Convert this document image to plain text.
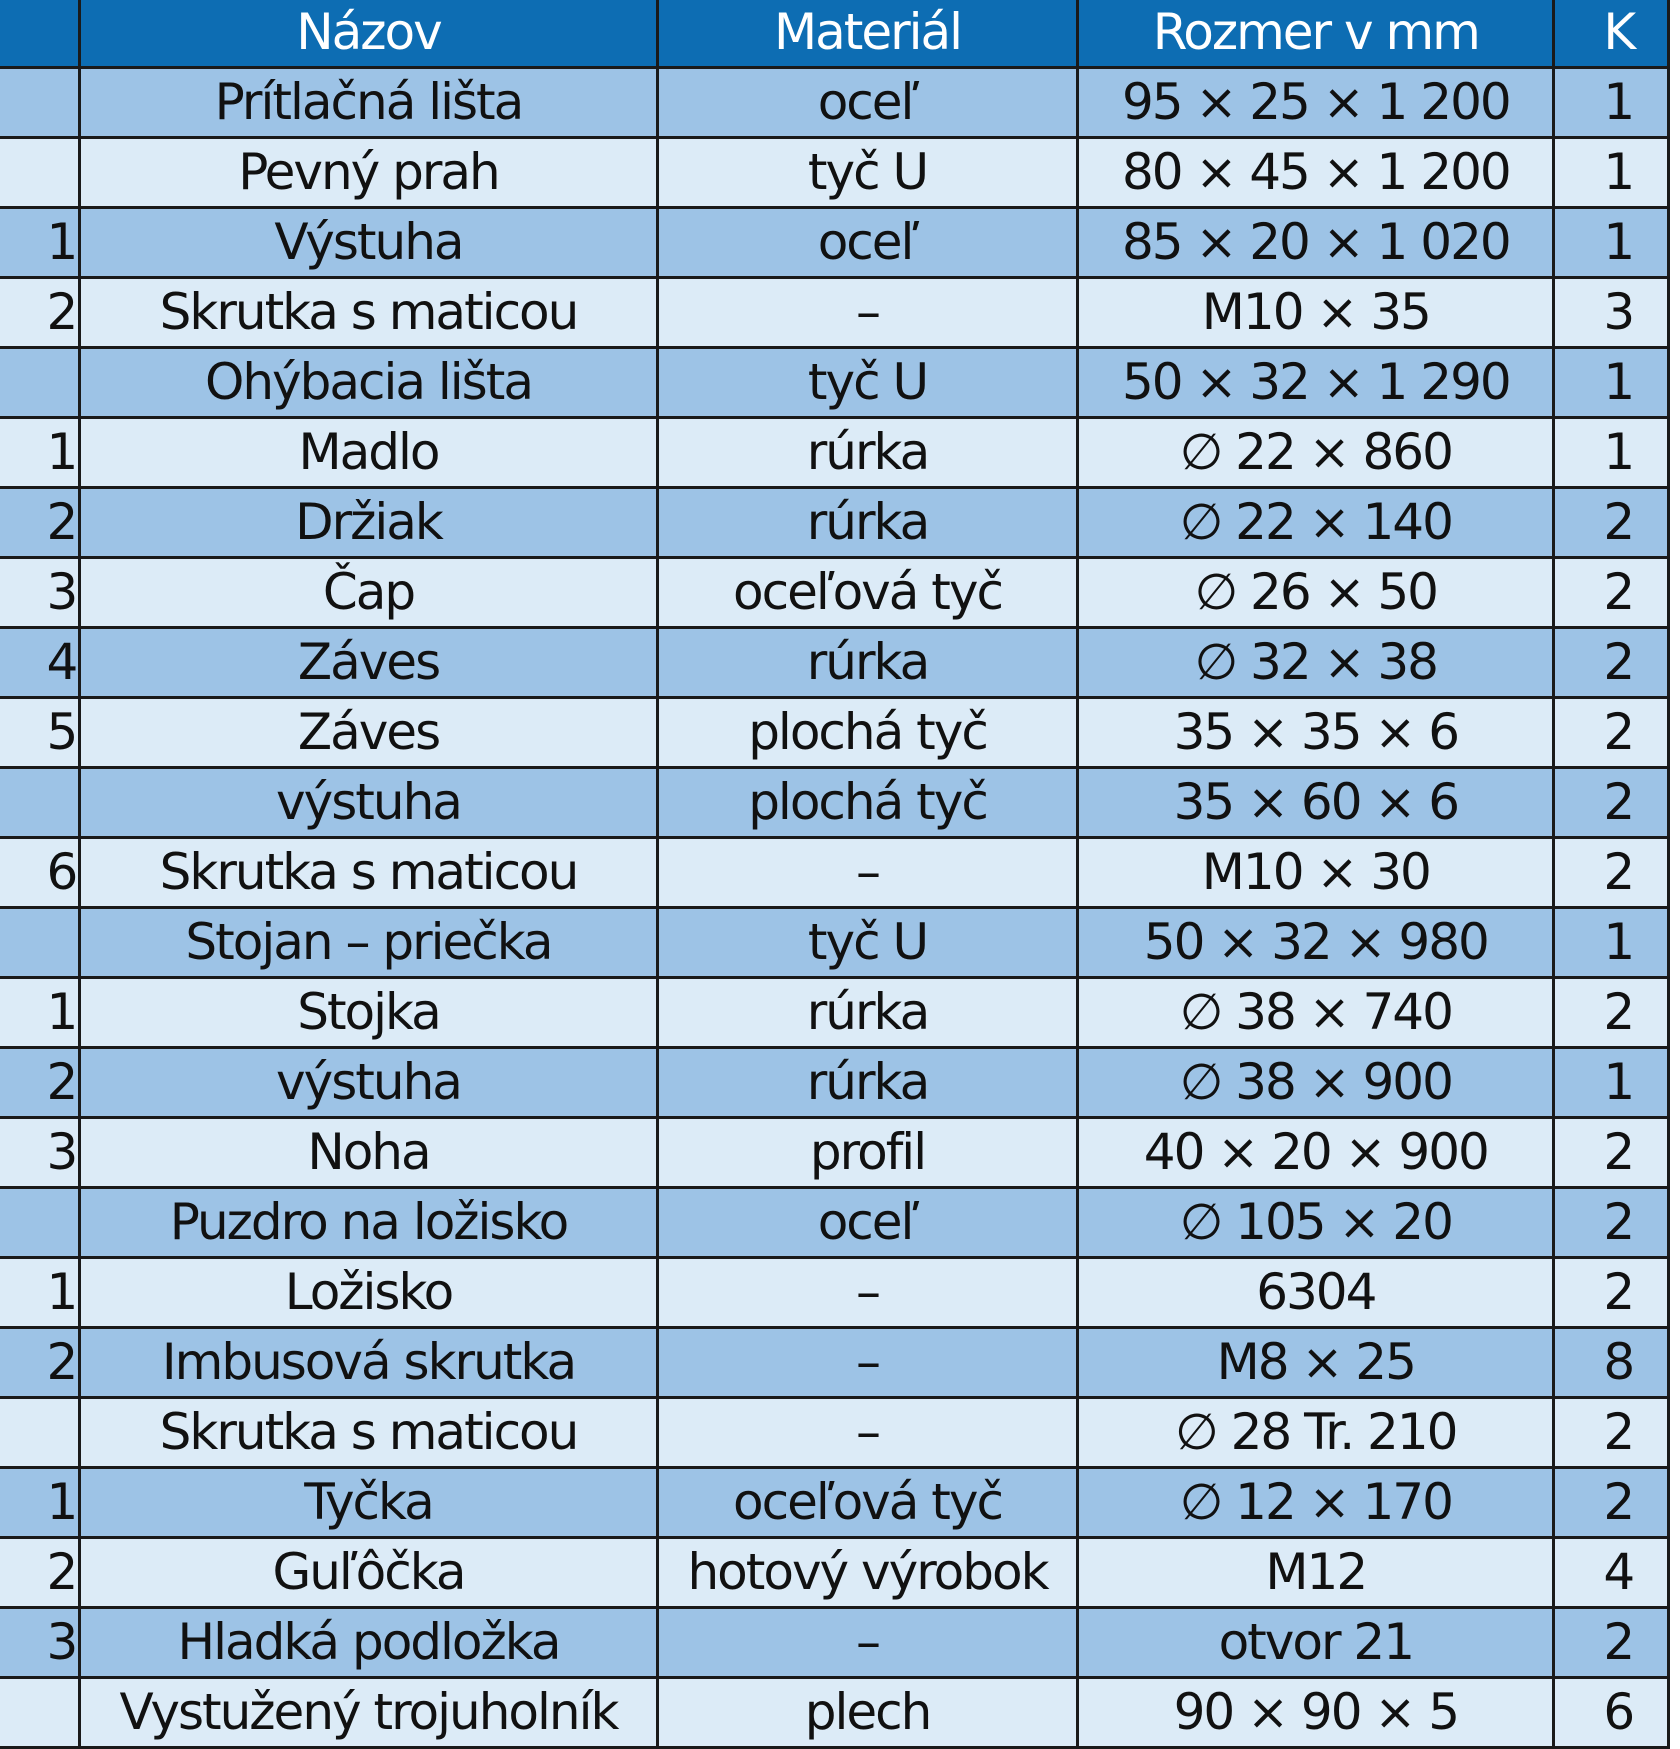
	Názov	Materiál	Rozmer v mm	K
	Prítlačná lišta	oceľ	95 × 25 × 1 200	1
	Pevný prah	tyč U	80 × 45 × 1 200	1
1	Výstuha	oceľ	85 × 20 × 1 020	1
2	Skrutka s maticou	–	M10 × 35	3
	Ohýbacia lišta	tyč U	50 × 32 × 1 290	1
1	Madlo	rúrka	∅ 22 × 860	1
2	Držiak	rúrka	∅ 22 × 140	2
3	Čap	oceľová tyč	∅ 26 × 50	2
4	Záves	rúrka	∅ 32 × 38	2
5	Záves	plochá tyč	35 × 35 × 6	2
	výstuha	plochá tyč	35 × 60 × 6	2
6	Skrutka s maticou	–	M10 × 30	2
	Stojan – priečka	tyč U	50 × 32 × 980	1
1	Stojka	rúrka	∅ 38 × 740	2
2	výstuha	rúrka	∅ 38 × 900	1
3	Noha	profil	40 × 20 × 900	2
	Puzdro na ložisko	oceľ	∅ 105 × 20	2
1	Ložisko	–	6304	2
2	Imbusová skrutka	–	M8 × 25	8
	Skrutka s maticou	–	∅ 28 Tr. 210	2
1	Tyčka	oceľová tyč	∅ 12 × 170	2
2	Guľôčka	hotový výrobok	M12	4
3	Hladká podložka	–	otvor 21	2
	Vystužený trojuholník	plech	90 × 90 × 5	6
